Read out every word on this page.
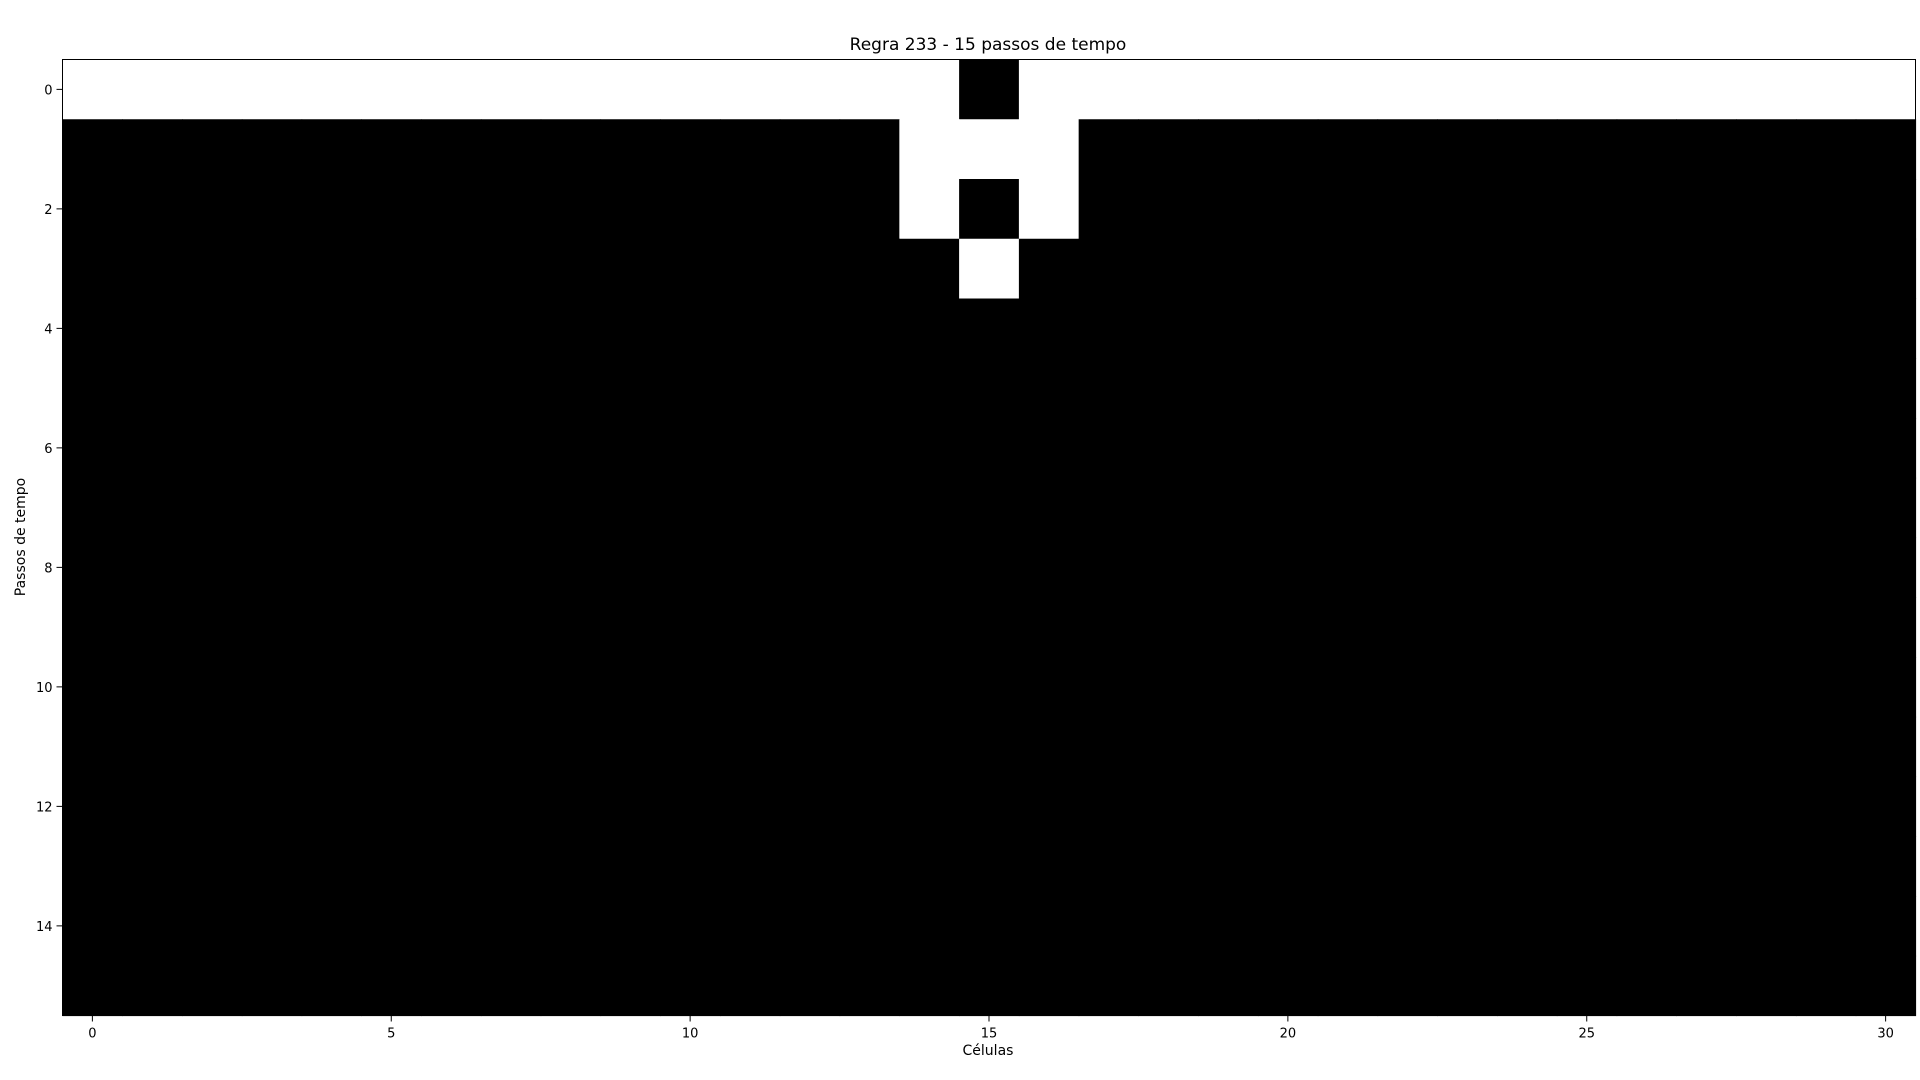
Regra 233 - 15 passos de tempo
0	5	10	15	20	25	30
0
2
4
6
8
10
12
14
Células
Passos de tempo
